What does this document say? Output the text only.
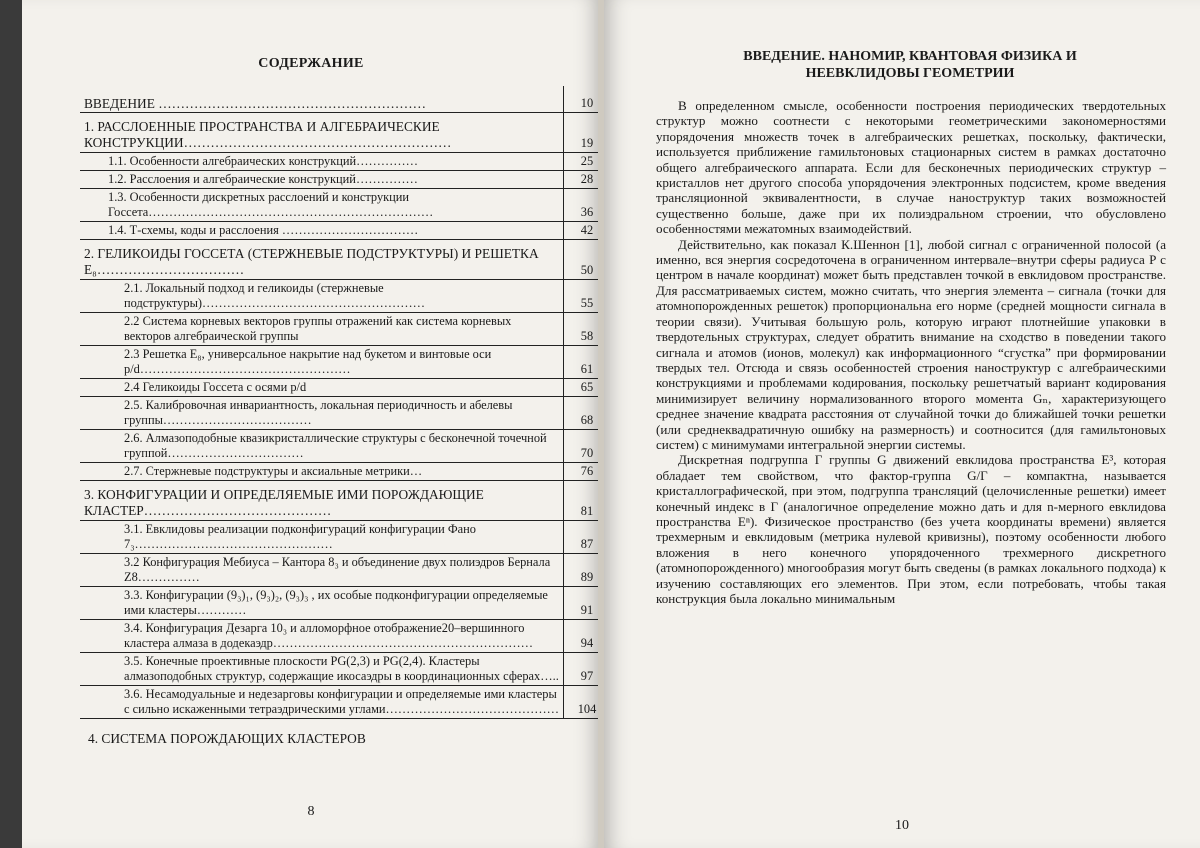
СОДЕРЖАНИЕ
ВВЕДЕНИЕ ……………………………………………………	10
1. РАССЛОЕННЫЕ ПРОСТРАНСТВА И АЛГЕБРАИЧЕСКИЕ КОНСТРУКЦИИ……………………………………………………	19
1.1. Особенности алгебраических конструкций……………	25
1.2. Расслоения и алгебраические конструкций……………	28
1.3. Особенности дискретных расслоений и конструкции Госсета……………………………………………………………	36
1.4. Т-схемы, коды и расслоения ……………………………	42
2. ГЕЛИКОИДЫ ГОССЕТА (СТЕРЖНЕВЫЕ ПОДСТРУКТУРЫ) И РЕШЕТКА E₈……………………………	50
2.1. Локальный подход и геликоиды (стержневые подструктуры)………………………………………………	55
2.2 Система корневых векторов группы отражений как система корневых векторов алгебраической группы	58
2.3 Решетка E₈, универсальное накрытие над букетом и винтовые оси p/d……………………………………………	61
2.4 Геликоиды Госсета с осями p/d	65
2.5. Калибровочная инвариантность, локальная периодичность и абелевы группы………………………………	68
2.6. Алмазоподобные квазикристаллические структуры с бесконечной точечной группой……………………………	70
2.7. Стержневые подструктуры и аксиальные метрики…	76
3. КОНФИГУРАЦИИ И ОПРЕДЕЛЯЕМЫЕ ИМИ ПОРОЖДАЮЩИЕ КЛАСТЕР……………………………………	81
3.1. Евклидовы реализации подконфигураций конфигурации Фано 7₃…………………………………………	87
3.2 Конфигурация Мебиуса – Кантора 8₃ и объединение двух полиэдров Бернала Z8……………	89
3.3. Конфигурации (9₃)₁, (9₃)₂, (9₃)₃ , их особые подконфигурации определяемые ими кластеры…………	91
3.4. Конфигурация Дезарга 10₃ и алломорфное отображение20–вершинного кластера алмаза в додекаэдр………………………………………………………	94
3.5. Конечные проективные плоскости PG(2,3) и PG(2,4). Кластеры алмазоподобных структур, содержащие икосаэдры в координационных сферах…..	97
3.6. Несамодуальные и недезарговы конфигурации и определяемые ими кластеры с сильно искаженными тетраэдрическими углами……………………………………	104
4. СИСТЕМА ПОРОЖДАЮЩИХ КЛАСТЕРОВ
8
ВВЕДЕНИЕ. НАНОМИР, КВАНТОВАЯ ФИЗИКА И
НЕЕВКЛИДОВЫ ГЕОМЕТРИИ

В определенном смысле, особенности построения периодических твердотельных структур можно соотнести с некоторыми геометрическими закономерностями упорядочения множеств точек в алгебраических решетках, поскольку, фактически, используется приближение гамильтоновых стационарных систем в рамках достаточно общего алгебраического аппарата. Если для бесконечных периодических структур – кристаллов нет другого способа упорядочения электронных подсистем, кроме введения трансляционной эквивалентности, в случае наноструктур таких возможностей существенно больше, даже при их полиэдральном строении, что обусловлено особенностями межатомных взаимодействий.

Действительно, как показал К.Шеннон [1], любой сигнал с ограниченной полосой (а именно, вся энергия сосредоточена в ограниченном интервале–внутри сферы радиуса P с центром в начале координат) может быть представлен точкой в евклидовом пространстве. Для рассматриваемых систем, можно считать, что энергия элемента – сигнала (точки для атомнопорожденных решеток) пропорциональна его норме (средней мощности сигнала в теории связи). Учитывая большую роль, которую играют плотнейшие упаковки в твердотельных структурах, следует обратить внимание на сходство в поведении такого сигнала и атомов (ионов, молекул) как информационного “сгустка” при формировании твердых тел. Отсюда и связь особенностей строения наноструктур с алгебраическими конструкциями и проблемами кодирования, поскольку решетчатый вариант кодирования минимизирует величину нормализованного второго момента Gₙ, характеризующего среднее значение квадрата расстояния от случайной точки до ближайшей точки решетки (или среднеквадратичную ошибку на размерность) и соотносится (для гамильтоновых систем) с минимумами интегральной энергии системы.

Дискретная подгруппа Г группы G движений евклидова пространства E³, которая обладает тем свойством, что фактор-группа G/Г – компактна, называется кристаллографической, при этом, подгруппа трансляций (целочисленные решетки) имеет конечный индекс в Г (аналогичное определение можно дать и для n-мерного евклидова пространства Eⁿ). Физическое пространство (без учета координаты времени) является трехмерным и евклидовым (метрика нулевой кривизны), поэтому особенности любого вложения в него конечного упорядоченного трехмерного дискретного (атомнопорожденного) многообразия могут быть сведены (в рамках локального подхода) к изучению составляющих его элементов. При этом, если потребовать, чтобы такая конструкция была локально минимальным

10
